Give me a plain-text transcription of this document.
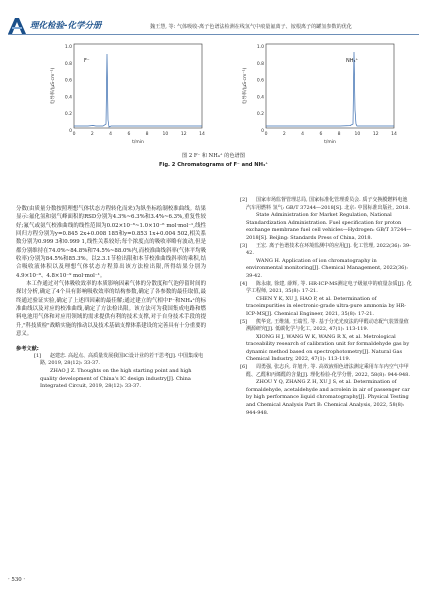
理化检验-化学分册	魏王慧, 等: 气体吸收-离子色谱法检测在线氢气中痕量氟离子、铵根离子的罐氢参数的优化
1.0
0.8
0.6
0.4
0.2
0
0	2	4	6	8	10	12	14
t/min
电导率/(μS·cm⁻¹)
F⁻
1.0
0.8
0.6
0.4
0.2
0
0	2	4	6	8	10	12	14
t/min
电导率/(μS·cm⁻¹)
NH₄⁺
图 2 F⁻ 和 NH₄⁺ 的色谱图
Fig. 2 Chromatograms of F⁻ and NH₄⁺

分数(由质量分数按照理想气体状态方程转化而来)为纵坐标绘制校准曲线。结果显示:氟化氢和氨气峰面积的RSD分别为4.3%~6.3%和3.4%~6.3%,重复性较好;氟气或氨气校准曲线的线性范围为0.02×10⁻⁶~1.0×10⁻⁶ mol·mol⁻¹,线性回归方程分别为y=0.845 2x+0.008 185和y=0.853 1x+0.004 502,相关系数分别为0.999 3和0.999 1,线性关系较好;每个浓度点的吸收率略有波动,但是都分别维持在74.0%~84.8%和74.5%~88.0%内,而校准曲线斜率(气体平均吸收率)分别为84.5%和85.3%。以2.3.1节检出限和本节校准曲线斜率的乘积,结合吸收液体积以及理想气体状态方程算出该方法检出限,所得结果分别为4.9×10⁻⁹、4.8×10⁻⁹ mol·mol⁻¹。

本工作通过对气体吸收效率的本质影响因素气体的分散度和气泡停留时间的探讨分析,确定了4个具有影响吸收效率的结构参数,确定了各参数的最佳取值,最终通过验证实验,确定了上述四因素的最佳解;通过建立的气相中F⁻和NH₄⁺的标准曲线以及对应的校准曲线,确定了方法检出限。该方法可为我国集成电路和燃料电池用气体和对应用领域的需求提供有利的技术支撑,对于自身技术手段的提升,"科技质检"战略实施的推动以及技术基础支撑体系建设的完善具有十分重要的意义。

参考文献:

[1] 赵建忠. 高起点、高质量发展我国IC设计业的若干思考[J]. 中国集成电路, 2019, 28(12): 33-37.

ZHAO J Z. Thoughts on the high starting point and high quality development of China's IC design industry[J]. China Integrated Circuit, 2019, 28(12): 33-37.

[2] 国家市场监督管理总局, 国家标准化管理委员会. 质子交换膜燃料电池汽车用燃料 氢气: GB/T 37244—2018[S]. 北京: 中国标准出版社, 2018.

State Administration for Market Regulation, National Standardization Administration. Fuel specification for proton exchange membrane fuel cell vehicles—Hydrogen: GB/T 37244—2018[S]. Beijing: Standards Press of China, 2018.

[3] 王宏. 离子色谱技术在环境监测中的应用[J]. 化工管理, 2022(36): 39-42.

WANG H. Application of ion chromatography in environmental monitoring[J]. Chemical Management, 2022(36): 39-42.

[4] 陈永康, 徐建, 薛辉, 等. HR-ICP-MS测定电子级氨中的痕量杂质[J]. 化学工程师, 2021, 35(8): 17-21.

CHEN Y K, XU J, HAO P, et al. Determination of traceimpurities in electronic-grade ultra-pure ammonia by HR-ICP-MS[J]. Chemical Engineer, 2021, 35(8): 17-21.

[5] 熊华竞, 王维蒲, 王端雪, 等. 基于分光光度法的甲醛动态配气装置量值溯源研究[J]. 低碳化学与化工, 2022, 47(1): 113-119.

XIONG H J, WANG W K, WANG R X, et al. Metrological traceability research of calibration unit for formaldehyde gas by dynamic method based on spectrophotometry[J]. Natural Gas Chemical Industry, 2022, 47(1): 113-119.

[6] 周勇强, 张志兵, 许旭升, 等. 高效液相色谱法测定乘用车车内空气中甲醛、乙醛和丙烯醛的含量[J]. 理化检验-化学分册, 2022, 58(8): 944-948.

ZHOU Y Q, ZHANG Z H, XU J S, et al. Determination of formaldehyde, acetaldehyde and acrolein in air of passenger car by high performance liquid chromatography[J]. Physical Testing and Chemical Analysis Part B: Chemical Analysis, 2022, 58(8): 944-948.

· 530 ·
